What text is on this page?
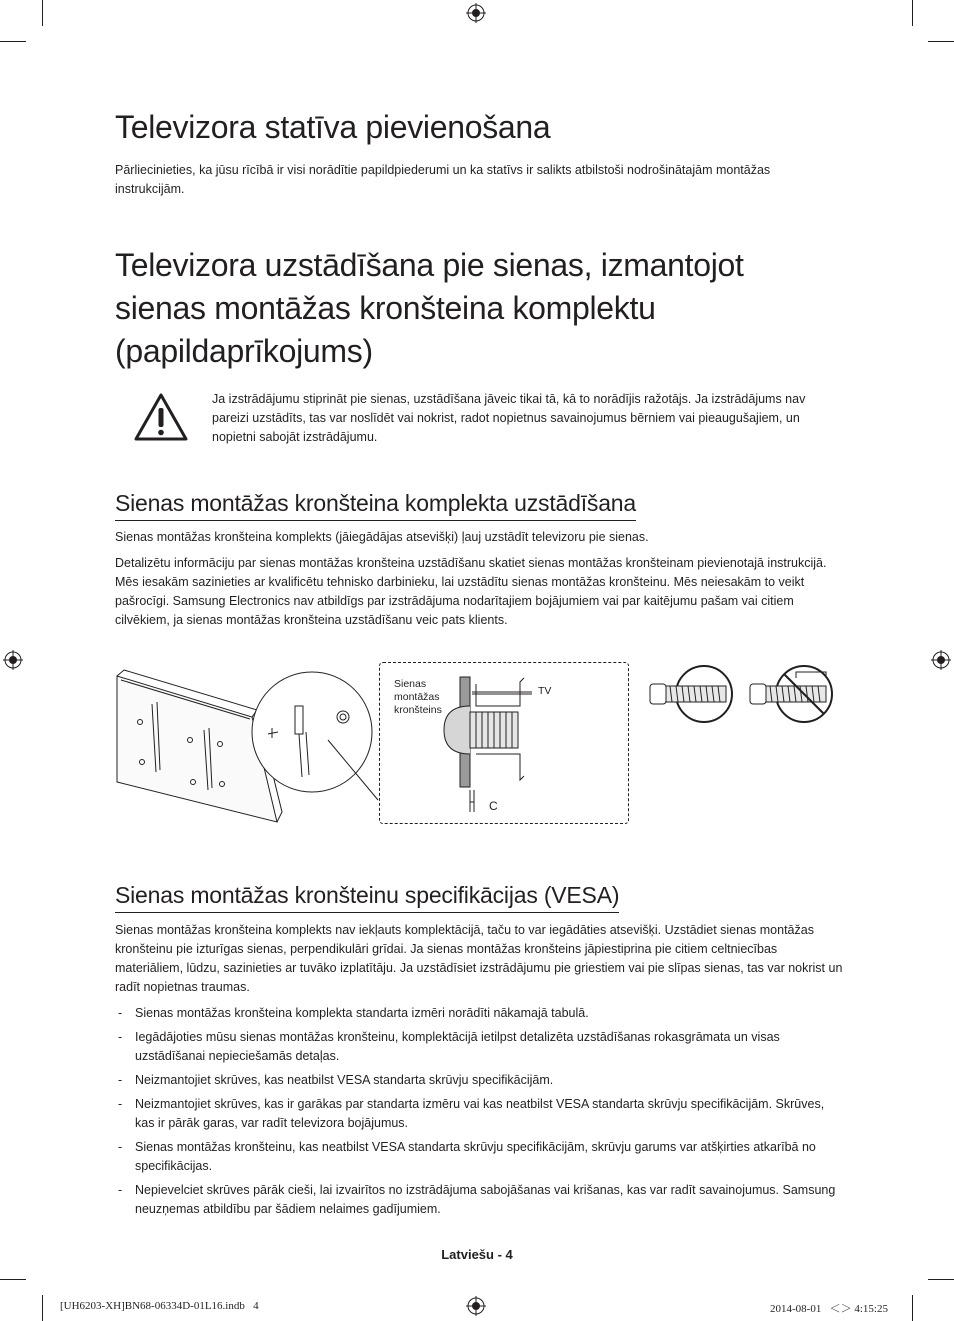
Televizora statīva pievienošana
Pārliecinieties, ka jūsu rīcībā ir visi norādītie papildpiederumi un ka statīvs ir salikts atbilstoši nodrošinātajām montāžas instrukcijām.
Televizora uzstādīšana pie sienas, izmantojot sienas montāžas kronšteina komplektu (papildaprīkojums)
Ja izstrādājumu stiprināt pie sienas, uzstādīšana jāveic tikai tā, kā to norādījis ražotājs. Ja izstrādājums nav pareizi uzstādīts, tas var noslīdēt vai nokrist, radot nopietnus savainojumus bērniem vai pieaugušajiem, un nopietni sabojāt izstrādājumu.
Sienas montāžas kronšteina komplekta uzstādīšana
Sienas montāžas kronšteina komplekts (jāiegādājas atsevišķi) ļauj uzstādīt televizoru pie sienas.
Detalizētu informāciju par sienas montāžas kronšteina uzstādīšanu skatiet sienas montāžas kronšteinam pievienotajā instrukcijā. Mēs iesakām sazinieties ar kvalificētu tehnisko darbinieku, lai uzstādītu sienas montāžas kronšteinu. Mēs neiesakām to veikt pašrocīgi. Samsung Electronics nav atbildīgs par izstrādājuma nodarītajiem bojājumiem vai par kaitējumu pašam vai citiem cilvēkiem, ja sienas montāžas kronšteina uzstādīšanu veic pats klients.
Sienas
montāžas
kronšteins
TV
C
Sienas montāžas kronšteinu specifikācijas (VESA)
Sienas montāžas kronšteina komplekts nav iekļauts komplektācijā, taču to var iegādāties atsevišķi. Uzstādiet sienas montāžas kronšteinu pie izturīgas sienas, perpendikulāri grīdai. Ja sienas montāžas kronšteins jāpiestiprina pie citiem celtniecības materiāliem, lūdzu, sazinieties ar tuvāko izplatītāju. Ja uzstādīsiet izstrādājumu pie griestiem vai pie slīpas sienas, tas var nokrist un radīt nopietnas traumas.
- Sienas montāžas kronšteina komplekta standarta izmēri norādīti nākamajā tabulā.
- Iegādājoties mūsu sienas montāžas kronšteinu, komplektācijā ietilpst detalizēta uzstādīšanas rokasgrāmata un visas uzstādīšanai nepieciešamās detaļas.
- Neizmantojiet skrūves, kas neatbilst VESA standarta skrūvju specifikācijām.
- Neizmantojiet skrūves, kas ir garākas par standarta izmēru vai kas neatbilst VESA standarta skrūvju specifikācijām. Skrūves, kas ir pārāk garas, var radīt televizora bojājumus.
- Sienas montāžas kronšteinu, kas neatbilst VESA standarta skrūvju specifikācijām, skrūvju garums var atšķirties atkarībā no specifikācijas.
- Nepievelciet skrūves pārāk cieši, lai izvairītos no izstrādājuma sabojāšanas vai krišanas, kas var radīt savainojumus. Samsung neuzņemas atbildību par šādiem nelaimes gadījumiem.
Latviešu - 4
[UH6203-XH]BN68-06334D-01L16.indb   4	2014-08-01   ＜＞ 4:15:25
